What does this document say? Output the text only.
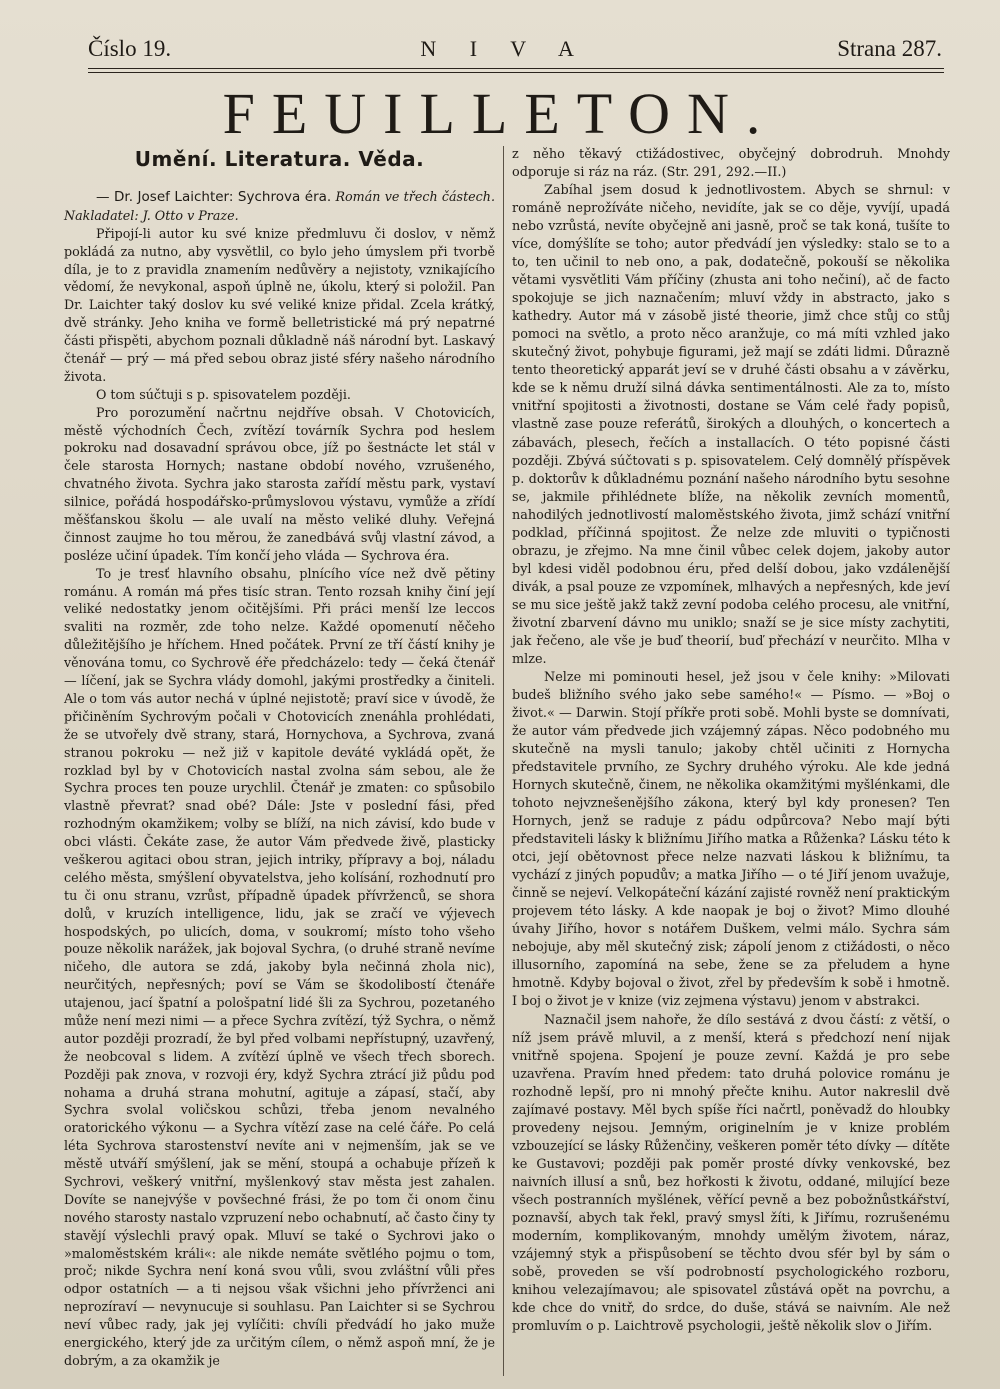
Číslo 19.	N I V A	Strana 287.
FEUILLETON.
Umění. Literatura. Věda.

— Dr. Josef Laichter: Sychrova éra. Román ve třech částech. Nakladatel: J. Otto v Praze.

Připojí-li autor ku své knize předmluvu či doslov, v němž pokládá za nutno, aby vysvětlil, co bylo jeho úmyslem při tvorbě díla, je to z pravidla znamením nedůvěry a nejistoty, vznikajícího vědomí, že nevykonal, aspoň úplně ne, úkolu, který si položil. Pan Dr. Laichter taký doslov ku své veliké knize přidal. Zcela krátký, dvě stránky. Jeho kniha ve formě belletristické má prý nepatrné části přispěti, abychom poznali důkladně náš národní byt. Laskavý čtenář — prý — má před sebou obraz jisté sféry našeho národního života.

O tom súčtuji s p. spisovatelem později.

Pro porozumění načrtnu nejdříve obsah. V Chotovicích, městě východních Čech, zvítězí továrník Sychra pod heslem pokroku nad dosavadní správou obce, jíž po šestnácte let stál v čele starosta Hornych; nastane období nového, vzrušeného, chvatného života. Sychra jako starosta zařídí městu park, vystaví silnice, pořádá hospodářsko-průmyslovou výstavu, vymůže a zřídí měšťanskou školu — ale uvalí na město veliké dluhy. Veřejná činnost zaujme ho tou měrou, že zanedbává svůj vlastní závod, a posléze učiní úpadek. Tím končí jeho vláda — Sychrova éra.

To je tresť hlavního obsahu, plnícího více než dvě pětiny románu. A román má přes tisíc stran. Tento rozsah knihy činí její veliké nedostatky jenom očitějšími. Při práci menší lze leccos svaliti na rozměr, zde toho nelze. Každé opomenutí něčeho důležitějšího je hříchem. Hned počátek. První ze tří částí knihy je věnována tomu, co Sychrově éře předcházelo: tedy — čeká čtenář — líčení, jak se Sychra vlády domohl, jakými prostředky a činiteli. Ale o tom vás autor nechá v úplné nejistotě; praví sice v úvodě, že přičiněním Sychrovým počali v Chotovicích znenáhla prohlédati, že se utvořely dvě strany, stará, Hornychova, a Sychrova, zvaná stranou pokroku — než již v kapitole deváté vykládá opět, že rozklad byl by v Chotovicích nastal zvolna sám sebou, ale že Sychra proces ten pouze urychlil. Čtenář je zmaten: co spůsobilo vlastně převrat? snad obé? Dále: Jste v poslední fási, před rozhodným okamžikem; volby se blíží, na nich závisí, kdo bude v obci vlásti. Čekáte zase, že autor Vám předvede živě, plasticky veškerou agitaci obou stran, jejich intriky, přípravy a boj, náladu celého města, smýšlení obyvatelstva, jeho kolísání, rozhodnutí pro tu či onu stranu, vzrůst, případně úpadek přívrženců, se shora dolů, v kruzích intelligence, lidu, jak se zračí ve výjevech hospodských, po ulicích, doma, v soukromí; místo toho všeho pouze několik narážek, jak bojoval Sychra, (o druhé straně nevíme ničeho, dle autora se zdá, jakoby byla nečinná zhola nic), neurčitých, nepřesných; poví se Vám se škodolibostí čtenáře utajenou, jací špatní a pološpatní lidé šli za Sychrou, pozetaného může není mezi nimi — a přece Sychra zvítězí, týž Sychra, o němž autor později prozradí, že byl před volbami nepřístupný, uzavřený, že neobcoval s lidem. A zvítězí úplně ve všech třech sborech. Později pak znova, v rozvoji éry, když Sychra ztrácí již půdu pod nohama a druhá strana mohutní, agituje a zápasí, stačí, aby Sychra svolal voličskou schůzi, třeba jenom nevalného oratorického výkonu — a Sychra vítězí zase na celé čáře. Po celá léta Sychrova starostenství nevíte ani v nejmenším, jak se ve městě utváří smýšlení, jak se mění, stoupá a ochabuje přízeň k Sychrovi, veškerý vnitřní, myšlenkový stav města jest zahalen. Dovíte se nanejvýše v povšechné frási, že po tom či onom činu nového starosty nastalo vzpruzení nebo ochabnutí, ač často činy ty stavějí výslechli pravý opak. Mluví se také o Sychrovi jako o »maloměstském králi«: ale nikde nemáte světlého pojmu o tom, proč; nikde Sychra není koná svou vůli, svou zvláštní vůli přes odpor ostatních — a ti nejsou však všichni jeho přívrženci ani neprozíraví — nevynucuje si souhlasu. Pan Laichter si se Sychrou neví vůbec rady, jak jej vylíčiti: chvíli předvádí ho jako muže energického, který jde za určitým cílem, o němž aspoň mní, že je dobrým, a za okamžik je

z něho těkavý ctižádostivec, obyčejný dobrodruh. Mnohdy odporuje si ráz na ráz. (Str. 291, 292.—II.)

Zabíhal jsem dosud k jednotlivostem. Abych se shrnul: v románě neprožíváte ničeho, nevidíte, jak se co děje, vyvíjí, upadá nebo vzrůstá, nevíte obyčejně ani jasně, proč se tak koná, tušíte to více, domýšlíte se toho; autor předvádí jen výsledky: stalo se to a to, ten učinil to neb ono, a pak, dodatečně, pokouší se několika větami vysvětliti Vám příčiny (zhusta ani toho nečiní), ač de facto spokojuje se jich naznačením; mluví vždy in abstracto, jako s kathedry. Autor má v zásobě jisté theorie, jimž chce stůj co stůj pomoci na světlo, a proto něco aranžuje, co má míti vzhled jako skutečný život, pohybuje figurami, jež mají se zdáti lidmi. Důrazně tento theoretický apparát jeví se v druhé části obsahu a v závěrku, kde se k němu druží silná dávka sentimentálnosti. Ale za to, místo vnitřní spojitosti a životnosti, dostane se Vám celé řady popisů, vlastně zase pouze referátů, širokých a dlouhých, o koncertech a zábavách, plesech, řečích a installacích. O této popisné části později. Zbývá súčtovati s p. spisovatelem. Celý domnělý příspěvek p. doktorův k důkladnému poznání našeho národního bytu sesohne se, jakmile přihlédnete blíže, na několik zevních momentů, nahodilých jednotlivostí maloměstského života, jimž schází vnitřní podklad, příčinná spojitost. Že nelze zde mluviti o typičnosti obrazu, je zřejmo. Na mne činil vůbec celek dojem, jakoby autor byl kdesi viděl podobnou éru, před delší dobou, jako vzdálenější divák, a psal pouze ze vzpomínek, mlhavých a nepřesných, kde jeví se mu sice ještě jakž takž zevní podoba celého procesu, ale vnitřní, životní zbarvení dávno mu uniklo; snaží se je sice místy zachytiti, jak řečeno, ale vše je buď theorií, buď přechází v neurčito. Mlha v mlze.

Nelze mi pominouti hesel, jež jsou v čele knihy: »Milovati budeš bližního svého jako sebe samého!« — Písmo. — »Boj o život.« — Darwin. Stojí příkře proti sobě. Mohli byste se domnívati, že autor vám předvede jich vzájemný zápas. Něco podobného mu skutečně na mysli tanulo; jakoby chtěl učiniti z Hornycha představitele prvního, ze Sychry druhého výroku. Ale kde jedná Hornych skutečně, činem, ne několika okamžitými myšlénkami, dle tohoto nejvznešenějšího zákona, který byl kdy pronesen? Ten Hornych, jenž se raduje z pádu odpůrcova? Nebo mají býti představiteli lásky k bližnímu Jiřího matka a Růženka? Lásku této k otci, její obětovnost přece nelze nazvati láskou k bližnímu, ta vychází z jiných popudův; a matka Jiřího — o té Jiří jenom uvažuje, činně se nejeví. Velkopáteční kázání zajisté rovněž není praktickým projevem této lásky. A kde naopak je boj o život? Mimo dlouhé úvahy Jiřího, hovor s notářem Duškem, velmi málo. Sychra sám nebojuje, aby měl skutečný zisk; zápolí jenom z ctižádosti, o něco illusorního, zapomíná na sebe, žene se za přeludem a hyne hmotně. Kdyby bojoval o život, zřel by především k sobě i hmotně. I boj o život je v knize (viz zejmena výstavu) jenom v abstrakci.

Naznačil jsem nahoře, že dílo sestává z dvou částí: z větší, o níž jsem právě mluvil, a z menší, která s předchozí není nijak vnitřně spojena. Spojení je pouze zevní. Každá je pro sebe uzavřena. Pravím hned předem: tato druhá polovice románu je rozhodně lepší, pro ni mnohý přečte knihu. Autor nakreslil dvě zajímavé postavy. Měl bych spíše říci načrtl, poněvadž do hloubky provedeny nejsou. Jemným, originelním je v knize problém vzbouzející se lásky Růženčiny, veškeren poměr této dívky — dítěte ke Gustavovi; později pak poměr prosté dívky venkovské, bez naivních illusí a snů, bez hořkosti k životu, oddané, milující beze všech postranních myšlének, věřící pevně a bez pobožnůstkářství, poznavší, abych tak řekl, pravý smysl žíti, k Jiřímu, rozrušenému moderním, komplikovaným, mnohdy umělým životem, náraz, vzájemný styk a přispůsobení se těchto dvou sfér byl by sám o sobě, proveden se vší podrobností psychologického rozboru, knihou velezajímavou; ale spisovatel zůstává opět na povrchu, a kde chce do vnitř, do srdce, do duše, stává se naivním. Ale než promluvím o p. Laichtrově psychologii, ještě několik slov o Jiřím.
